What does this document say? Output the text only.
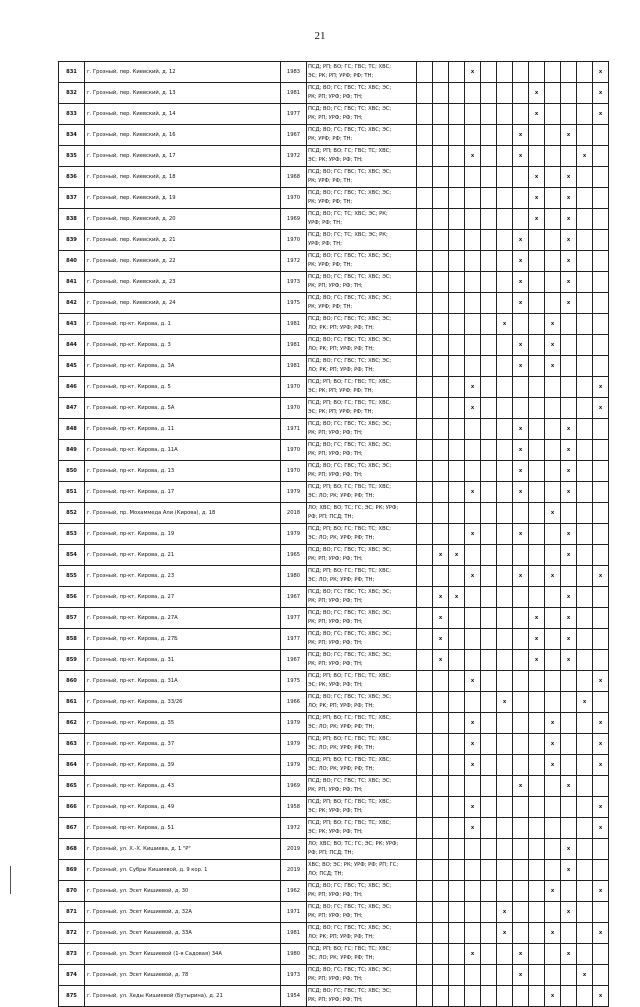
21
831	г. Грозный, пер. Киевский, д. 12	1983	ПСД; РП; ВО; ГС; ГВС; ТС; ХВС;
ЭС; РК; РП; УРФ; РФ; ТН;				x								x
832	г. Грозный, пер. Киевский, д. 13	1981	ПСД; ВО; ГС; ГВС; ТС; ХВС; ЭС;
РК; РП; УРФ; РФ; ТН;								x				x
833	г. Грозный, пер. Киевский, д. 14	1977	ПСД; ВО; ГС; ГВС; ТС; ХВС; ЭС;
РК; РП; УРФ; РФ; ТН;								x				x
834	г. Грозный, пер. Киевский, д. 16	1967	ПСД; ВО; ГС; ГВС; ТС; ХВС; ЭС;
РК; УРФ; РФ; ТН;							x			x		
835	г. Грозный, пер. Киевский, д. 17	1972	ПСД; РП; ВО; ГС; ГВС; ТС; ХВС;
ЭС; РК; УРФ; РФ; ТН;				x			x				x	
836	г. Грозный, пер. Киевский, д. 18	1968	ПСД; ВО; ГС; ГВС; ТС; ХВС; ЭС;
РК; УРФ; РФ; ТН;								x		x		
837	г. Грозный, пер. Киевский, д. 19	1970	ПСД; ВО; ГС; ГВС; ТС; ХВС; ЭС;
РК; УРФ; РФ; ТН;								x		x		
838	г. Грозный, пер. Киевский, д. 20	1969	ПСД; ВО; ГС; ТС; ХВС; ЭС; РК;
УРФ; РФ; ТН;								x		x		
839	г. Грозный, пер. Киевский, д. 21	1970	ПСД; ВО; ГС; ТС; ХВС; ЭС; РК;
УРФ; РФ; ТН;							x			x		
840	г. Грозный, пер. Киевский, д. 22	1972	ПСД; ВО; ГС; ГВС; ТС; ХВС; ЭС;
РК; УРФ; РФ; ТН;							x			x		
841	г. Грозный, пер. Киевский, д. 23	1973	ПСД; ВО; ГС; ГВС; ТС; ХВС; ЭС;
РК; РП; УРФ; РФ; ТН;							x			x		
842	г. Грозный, пер. Киевский, д. 24	1975	ПСД; ВО; ГС; ГВС; ТС; ХВС; ЭС;
РК; УРФ; РФ; ТН;							x			x		
843	г. Грозный, пр-кт. Кирова, д. 1	1981	ПСД; ВО; ГС; ГВС; ТС; ХВС; ЭС;
ЛО; РК; РП; УРФ; РФ; ТН;						x			x			
844	г. Грозный, пр-кт. Кирова, д. 3	1981	ПСД; ВО; ГС; ГВС; ТС; ХВС; ЭС;
ЛО; РК; РП; УРФ; РФ; ТН;							x		x			
845	г. Грозный, пр-кт. Кирова, д. 3А	1981	ПСД; ВО; ГС; ГВС; ТС; ХВС; ЭС;
ЛО; РК; РП; УРФ; РФ; ТН;							x		x			
846	г. Грозный, пр-кт. Кирова, д. 5	1970	ПСД; РП; ВО; ГС; ГВС; ТС; ХВС;
ЭС; РК; РП; УРФ; РФ; ТН;				x								x
847	г. Грозный, пр-кт. Кирова, д. 5А	1970	ПСД; РП; ВО; ГС; ГВС; ТС; ХВС;
ЭС; РК; РП; УРФ; РФ; ТН;				x								x
848	г. Грозный, пр-кт. Кирова, д. 11	1971	ПСД; ВО; ГС; ГВС; ТС; ХВС; ЭС;
РК; РП; УРФ; РФ; ТН;							x			x		
849	г. Грозный, пр-кт. Кирова, д. 11А	1970	ПСД; ВО; ГС; ГВС; ТС; ХВС; ЭС;
РК; РП; УРФ; РФ; ТН;							x			x		
850	г. Грозный, пр-кт. Кирова, д. 13	1970	ПСД; ВО; ГС; ГВС; ТС; ХВС; ЭС;
РК; РП; УРФ; РФ; ТН;							x			x		
851	г. Грозный, пр-кт. Кирова, д. 17	1979	ПСД; РП; ВО; ГС; ГВС; ТС; ХВС;
ЭС; ЛО; РК; УРФ; РФ; ТН;				x			x			x		
852	г. Грозный, пр. Мохаммеда Али (Кирова), д. 18	2018	ЛО; ХВС; ВО; ТС; ГС; ЭС; РК; УРФ;
РФ; РП; ПСД; ТН;									x			
853	г. Грозный, пр-кт. Кирова, д. 19	1979	ПСД; РП; ВО; ГС; ГВС; ТС; ХВС;
ЭС; ЛО; РК; УРФ; РФ; ТН;				x			x			x		
854	г. Грозный, пр-кт. Кирова, д. 21	1965	ПСД; ВО; ГС; ГВС; ТС; ХВС; ЭС;
РК; РП; УРФ; РФ; ТН;		x	x							x		
855	г. Грозный, пр-кт. Кирова, д. 23	1980	ПСД; РП; ВО; ГС; ГВС; ТС; ХВС;
ЭС; ЛО; РК; УРФ; РФ; ТН;				x			x		x			x
856	г. Грозный, пр-кт. Кирова, д. 27	1967	ПСД; ВО; ГС; ГВС; ТС; ХВС; ЭС;
РК; РП; УРФ; РФ; ТН;		x	x							x		
857	г. Грозный, пр-кт. Кирова, д. 27А	1977	ПСД; ВО; ГС; ГВС; ТС; ХВС; ЭС;
РК; РП; УРФ; РФ; ТН;		x						x		x		
858	г. Грозный, пр-кт. Кирова, д. 27Б	1977	ПСД; ВО; ГС; ГВС; ТС; ХВС; ЭС;
РК; РП; УРФ; РФ; ТН;		x						x		x		
859	г. Грозный, пр-кт. Кирова, д. 31	1967	ПСД; ВО; ГС; ГВС; ТС; ХВС; ЭС;
РК; РП; УРФ; РФ; ТН;		x						x		x		
860	г. Грозный, пр-кт. Кирова, д. 31А	1975	ПСД; РП; ВО; ГС; ГВС; ТС; ХВС;
ЭС; РК; УРФ; РФ; ТН;				x								x
861	г. Грозный, пр-кт. Кирова, д. 33/26	1966	ПСД; ВО; ГС; ГВС; ТС; ХВС; ЭС;
ЛО; РК; РП; УРФ; РФ; ТН;						x					x	
862	г. Грозный, пр-кт. Кирова, д. 35	1979	ПСД; РП; ВО; ГС; ГВС; ТС; ХВС;
ЭС; ЛО; РК; УРФ; РФ; ТН;				x					x			x
863	г. Грозный, пр-кт. Кирова, д. 37	1979	ПСД; РП; ВО; ГС; ГВС; ТС; ХВС;
ЭС; ЛО; РК; УРФ; РФ; ТН;				x					x			x
864	г. Грозный, пр-кт. Кирова, д. 39	1979	ПСД; РП; ВО; ГС; ГВС; ТС; ХВС;
ЭС; ЛО; РК; УРФ; РФ; ТН;				x					x			x
865	г. Грозный, пр-кт. Кирова, д. 43	1969	ПСД; ВО; ГС; ГВС; ТС; ХВС; ЭС;
РК; РП; УРФ; РФ; ТН;							x			x		
866	г. Грозный, пр-кт. Кирова, д. 49	1958	ПСД; РП; ВО; ГС; ГВС; ТС; ХВС;
ЭС; РК; УРФ; РФ; ТН;				x								x
867	г. Грозный, пр-кт. Кирова, д. 51	1972	ПСД; РП; ВО; ГС; ГВС; ТС; ХВС;
ЭС; РК; УРФ; РФ; ТН;				x								x
868	г. Грозный, ул. Х.-Х. Кишиева, д. 1 "Р"	2019	ЛО; ХВС; ВО; ТС; ГС; ЭС; РК; УРФ;
РФ; РП; ПСД; ТН;										x		
869	г. Грозный, ул. Субры Кишиевой, д. 9 кор. 1	2019	ХВС; ВО; ЭС; РК; УРФ; РФ; РП; ГС;
ЛО; ПСД; ТН;										x		
870	г. Грозный, ул. Эсет Кишиевой, д. 30	1962	ПСД; ВО; ГС; ГВС; ТС; ХВС; ЭС;
РК; РП; УРФ; РФ; ТН;									x			x
871	г. Грозный, ул. Эсет Кишиевой, д. 32А	1971	ПСД; ВО; ГС; ГВС; ТС; ХВС; ЭС;
РК; РП; УРФ; РФ; ТН;						x				x		
872	г. Грозный, ул. Эсет Кишиевой, д. 33А	1981	ПСД; ВО; ГС; ГВС; ТС; ХВС; ЭС;
ЛО; РК; РП; УРФ; РФ; ТН;						x			x			x
873	г. Грозный, ул. Эсет Кишиевой (1-я Садовая) 34А	1980	ПСД; РП; ВО; ГС; ГВС; ТС; ХВС;
ЭС; ЛО; РК; УРФ; РФ; ТН;				x			x			x		
874	г. Грозный, ул. Эсет Кишиевой, д. 78	1973	ПСД; ВО; ГС; ГВС; ТС; ХВС; ЭС;
РК; РП; УРФ; РФ; ТН;							x				x	
875	г. Грозный, ул. Хеды Кишиевой (Бутырина), д. 21	1954	ПСД; ВО; ГС; ГВС; ТС; ХВС; ЭС;
РК; РП; УРФ; РФ; ТН;									x			x
